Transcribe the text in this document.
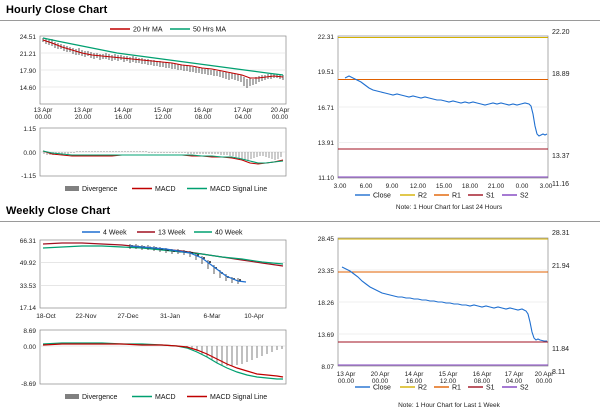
Hourly Close Chart
20 Hr MA	50 Hrs MA
24.51
21.21
17.90
14.60
13 Apr
00.00
13 Apr
20.00
14 Apr
16.00
15 Apr
12.00
16 Apr
08.00
17 Apr
04.00
20 Apr
00.00
1.15
0.00
-1.15
Divergence	MACD	MACD Signal Line
22.31
19.51
16.71
13.91
11.10
22.20
18.89
13.37
11.16
3.00 6.00 9.00 12.00 15.00 18.00 21.00 0.00 3.00
Close	R2	R1	S1	S2
Note: 1 Hour Chart for Last 24 Hours
Weekly Close Chart
4 Week	13 Week	40 Week
66.31
49.92
33.53
17.14
18-Oct	22-Nov	27-Dec	31-Jan	6-Mar	10-Apr
8.69
0.00
-8.69
Divergence	MACD	MACD Signal Line
28.45
23.35
18.26
13.69
8.07
28.31
21.94
11.84
8.11
13 Apr
00.00
20 Apr
00.00
14 Apr
16.00
15 Apr
12.00
16 Apr
08.00
17 Apr
04.00
20 Apr
00.00
Close	R2	R1	S1	S2
Note: 1 Hour Chart for Last 1 Week
